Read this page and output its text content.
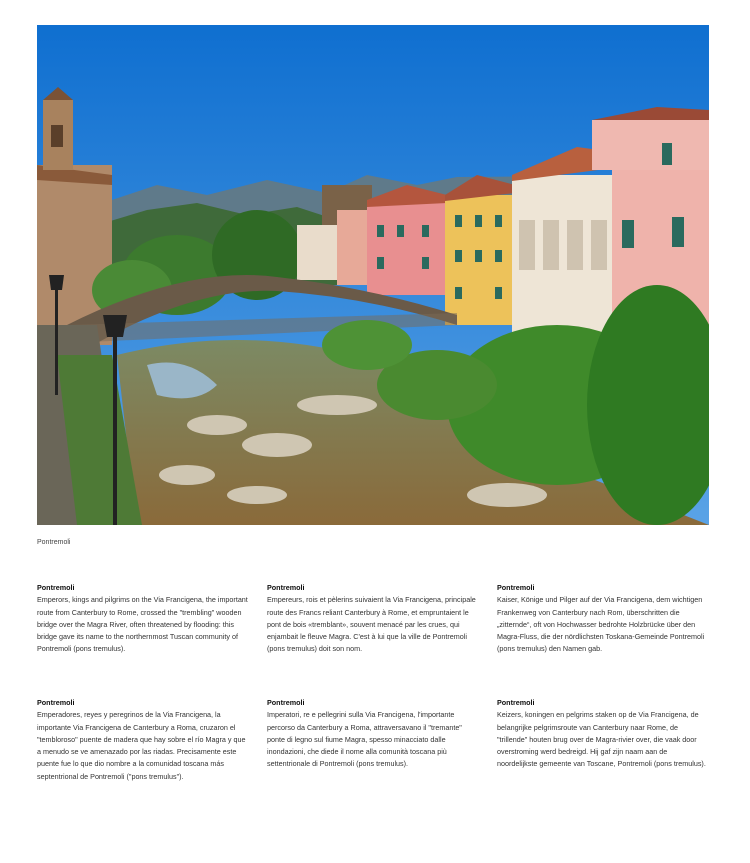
Pontremoli
Pontremoli
Emperors, kings and pilgrims on the Via Francigena, the important route from Canterbury to Rome, crossed the "trembling" wooden bridge over the Magra River, often threatened by flooding: this bridge gave its name to the northernmost Tuscan community of Pontremoli (pons tremulus).
Pontremoli
Empereurs, rois et pèlerins suivaient la Via Francigena, principale route des Francs reliant Canterbury à Rome, et empruntaient le pont de bois «tremblant», souvent menacé par les crues, qui enjambait le fleuve Magra. C'est à lui que la ville de Pontremoli (pons tremulus) doit son nom.
Pontremoli
Kaiser, Könige und Pilger auf der Via Francigena, dem wichtigen Frankenweg von Canterbury nach Rom, überschritten die „zitternde“, oft von Hochwasser bedrohte Holzbrücke über den Magra-Fluss, die der nördlichsten Toskana-Gemeinde Pontremoli (pons tremulus) den Namen gab.
Pontremoli
Emperadores, reyes y peregrinos de la Via Francigena, la importante Via Francigena de Canterbury a Roma, cruzaron el "tembloroso" puente de madera que hay sobre el río Magra y que a menudo se ve amenazado por las riadas. Precisamente este puente fue lo que dio nombre a la comunidad toscana más septentrional de Pontremoli ("pons tremulus").
Pontremoli
Imperatori, re e pellegrini sulla Via Francigena, l'importante percorso da Canterbury a Roma, attraversavano il "tremante" ponte di legno sul fiume Magra, spesso minacciato dalle inondazioni, che diede il nome alla comunità toscana più settentrionale di Pontremoli (pons tremulus).
Pontremoli
Keizers, koningen en pelgrims staken op de Via Francigena, de belangrijke pelgrimsroute van Canterbury naar Rome, de "trillende" houten brug over de Magra-rivier over, die vaak door overstroming werd bedreigd. Hij gaf zijn naam aan de noordelijkste gemeente van Toscane, Pontremoli (pons tremulus).
